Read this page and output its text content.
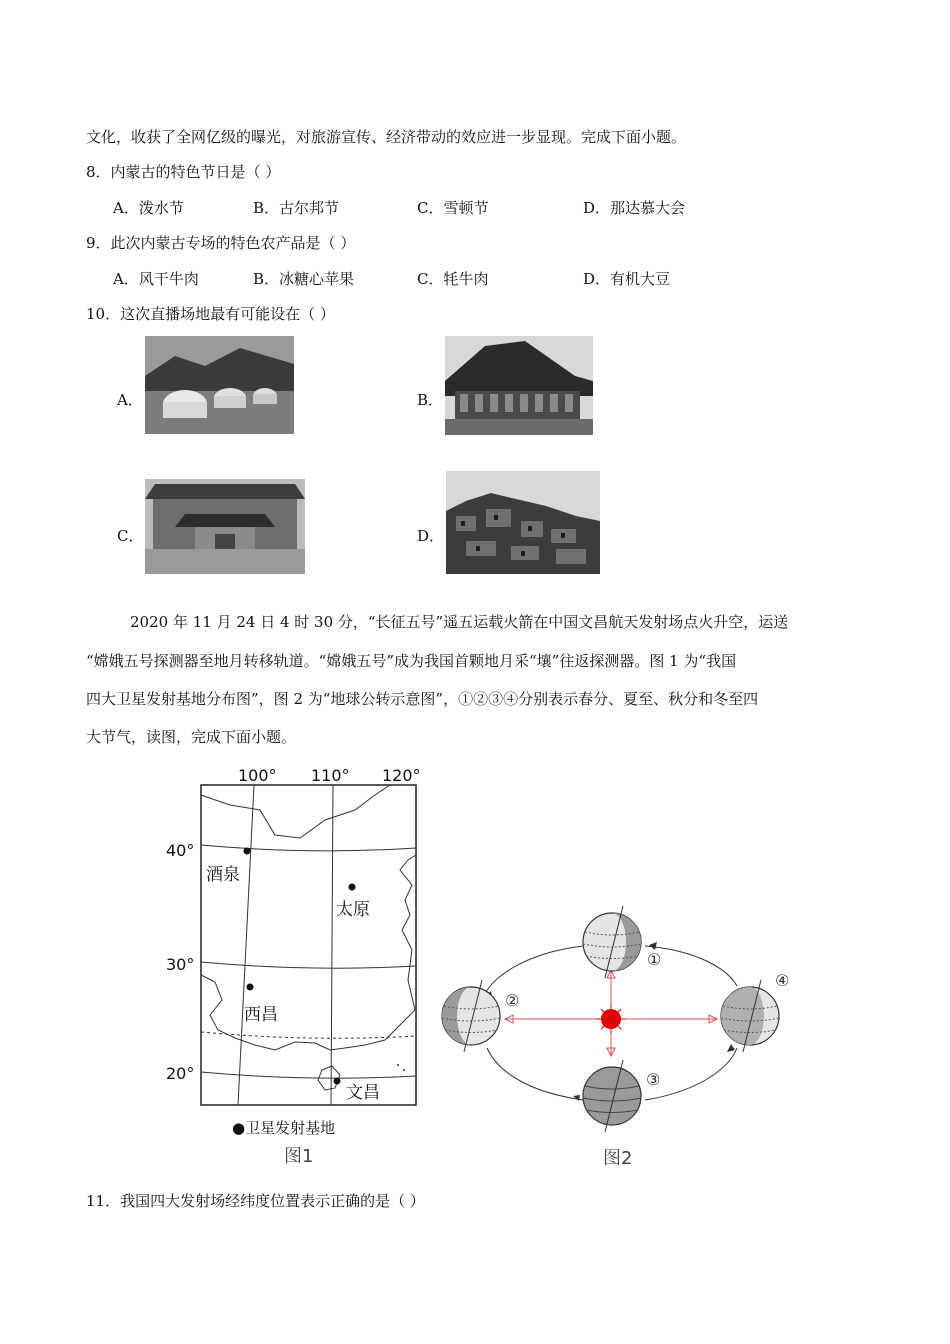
文化，收获了全网亿级的曝光，对旅游宣传、经济带动的效应进一步显现。完成下面小题。
8．内蒙古的特色节日是（ ）
A．泼水节	B．古尔邦节	C．雪顿节	D．那达慕大会
9．此次内蒙古专场的特色农产品是（ ）
A．风干牛肉	B．冰糖心苹果	C．牦牛肉	D．有机大豆
10．这次直播场地最有可能设在（ ）
A．	B．
C．	D．
2020 年 11 月 24 日 4 时 30 分，“长征五号”遥五运载火箭在中国文昌航天发射场点火升空，运送
“嫦娥五号探测器至地月转移轨道。“嫦娥五号”成为我国首颗地月采“壤”往返探测器。图 1 为“我国
四大卫星发射基地分布图”，图 2 为“地球公转示意图”，①②③④分别表示春分、夏至、秋分和冬至四
大节气，读图，完成下面小题。
100° 110° 120°
40°
30°
20°
酒泉
太原
西昌
文昌
●卫星发射基地
图1
①
②
③
④
图2
11．我国四大发射场经纬度位置表示正确的是（ ）
